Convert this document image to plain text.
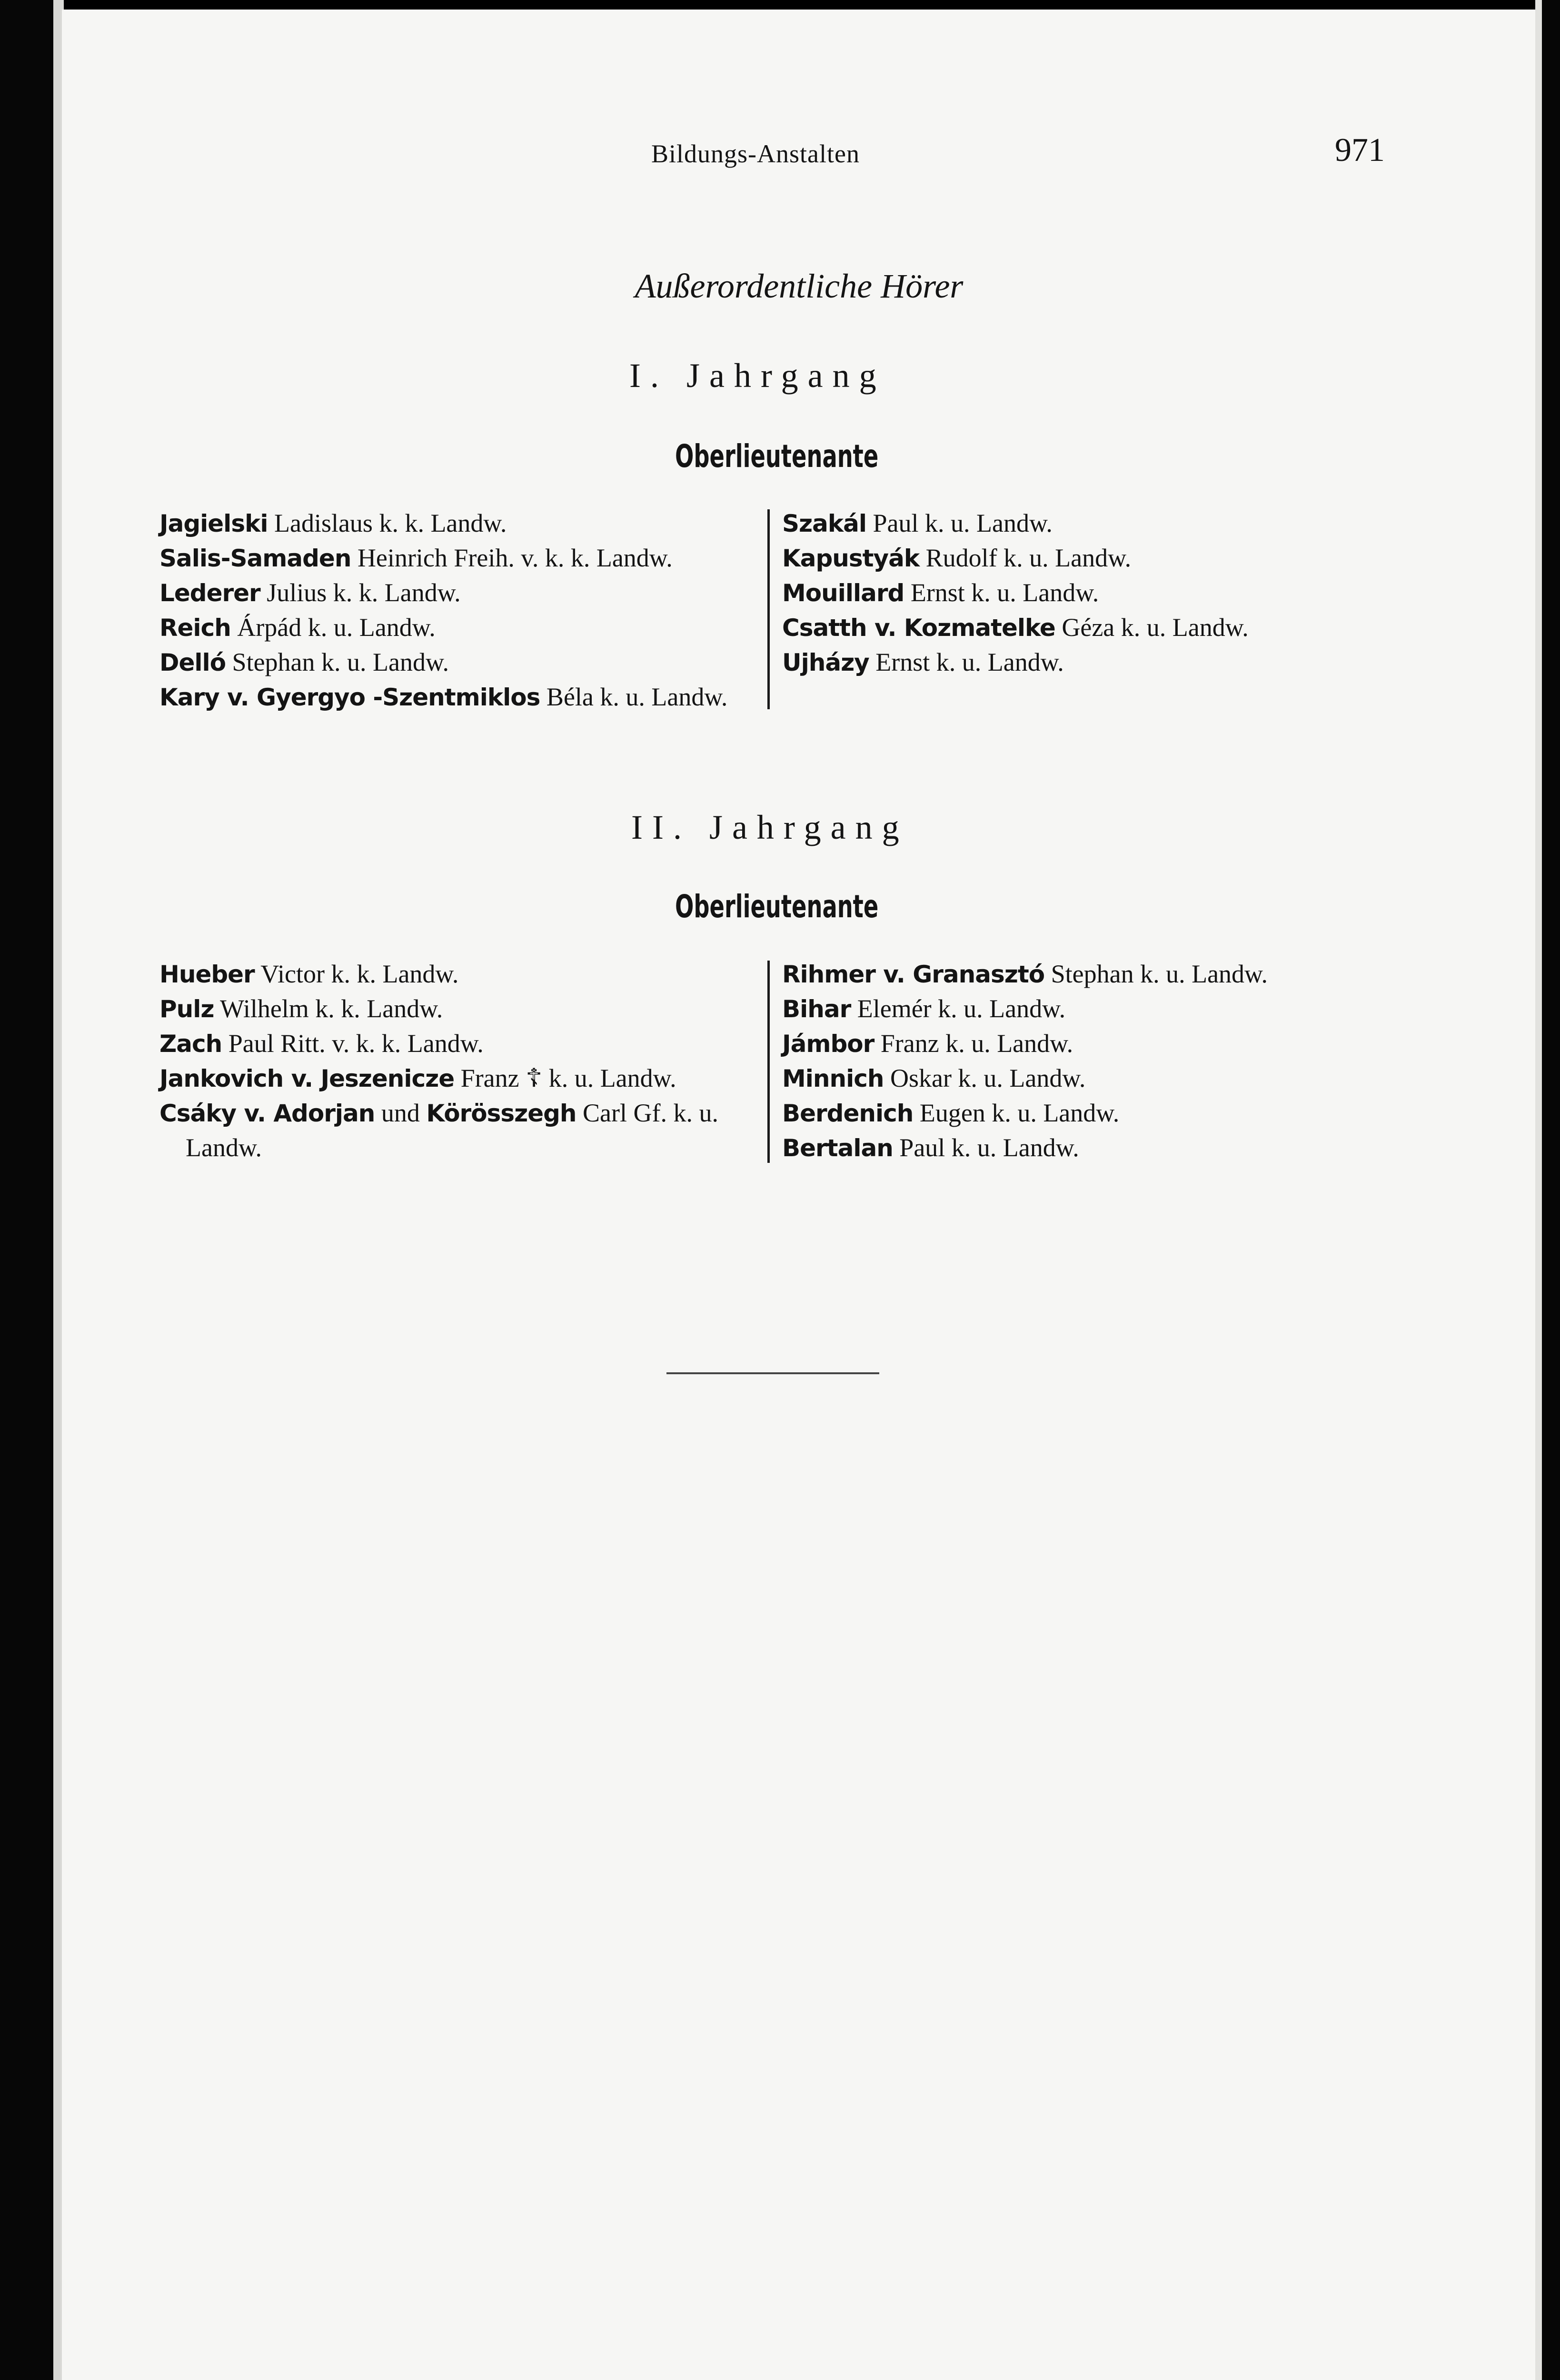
Bildungs-Anstalten	971
Außerordentliche Hörer
I. Jahrgang
Oberlieutenante
Jagielski Ladislaus k. k. Landw.
Salis-Samaden Heinrich Freih. v. k. k. Landw.
Lederer Julius k. k. Landw.
Reich Árpád k. u. Landw.
Delló Stephan k. u. Landw.
Kary v. Gyergyo -Szentmiklos Béla k. u. Landw.
Szakál Paul k. u. Landw.
Kapustyák Rudolf k. u. Landw.
Mouillard Ernst k. u. Landw.
Csatth v. Kozmatelke Géza k. u. Landw.
Ujházy Ernst k. u. Landw.
II. Jahrgang
Oberlieutenante
Hueber Victor k. k. Landw.
Pulz Wilhelm k. k. Landw.
Zach Paul Ritt. v. k. k. Landw.
Jankovich v. Jeszenicze Franz ☦ k. u. Landw.
Csáky v. Adorjan und Körösszegh Carl Gf. k. u.
Landw.
Rihmer v. Granasztó Stephan k. u. Landw.
Bihar Elemér k. u. Landw.
Jámbor Franz k. u. Landw.
Minnich Oskar k. u. Landw.
Berdenich Eugen k. u. Landw.
Bertalan Paul k. u. Landw.
